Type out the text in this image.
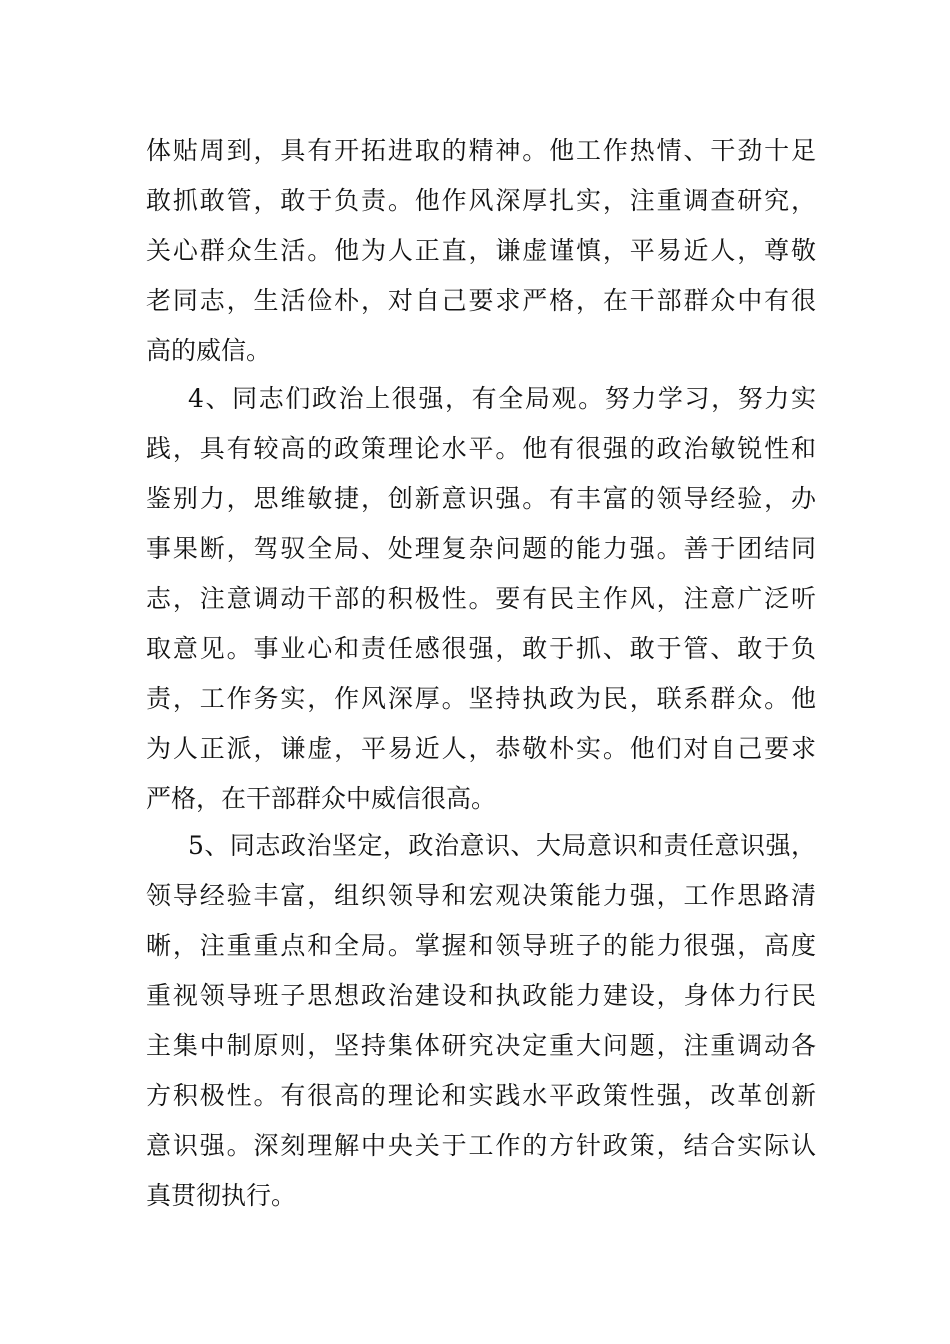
体贴周到，具有开拓进取的精神。他工作热情、干劲十足
敢抓敢管，敢于负责。他作风深厚扎实，注重调查研究，
关心群众生活。他为人正直，谦虚谨慎，平易近人，尊敬
老同志，生活俭朴，对自己要求严格，在干部群众中有很
高的威信。
4、同志们政治上很强，有全局观。努力学习，努力实
践，具有较高的政策理论水平。他有很强的政治敏锐性和
鉴别力，思维敏捷，创新意识强。有丰富的领导经验，办
事果断，驾驭全局、处理复杂问题的能力强。善于团结同
志，注意调动干部的积极性。要有民主作风，注意广泛听
取意见。事业心和责任感很强，敢于抓、敢于管、敢于负
责，工作务实，作风深厚。坚持执政为民，联系群众。他
为人正派，谦虚，平易近人，恭敬朴实。他们对自己要求
严格，在干部群众中威信很高。
5、同志政治坚定，政治意识、大局意识和责任意识强，
领导经验丰富，组织领导和宏观决策能力强，工作思路清
晰，注重重点和全局。掌握和领导班子的能力很强，高度
重视领导班子思想政治建设和执政能力建设，身体力行民
主集中制原则，坚持集体研究决定重大问题，注重调动各
方积极性。有很高的理论和实践水平政策性强，改革创新
意识强。深刻理解中央关于工作的方针政策，结合实际认
真贯彻执行。
